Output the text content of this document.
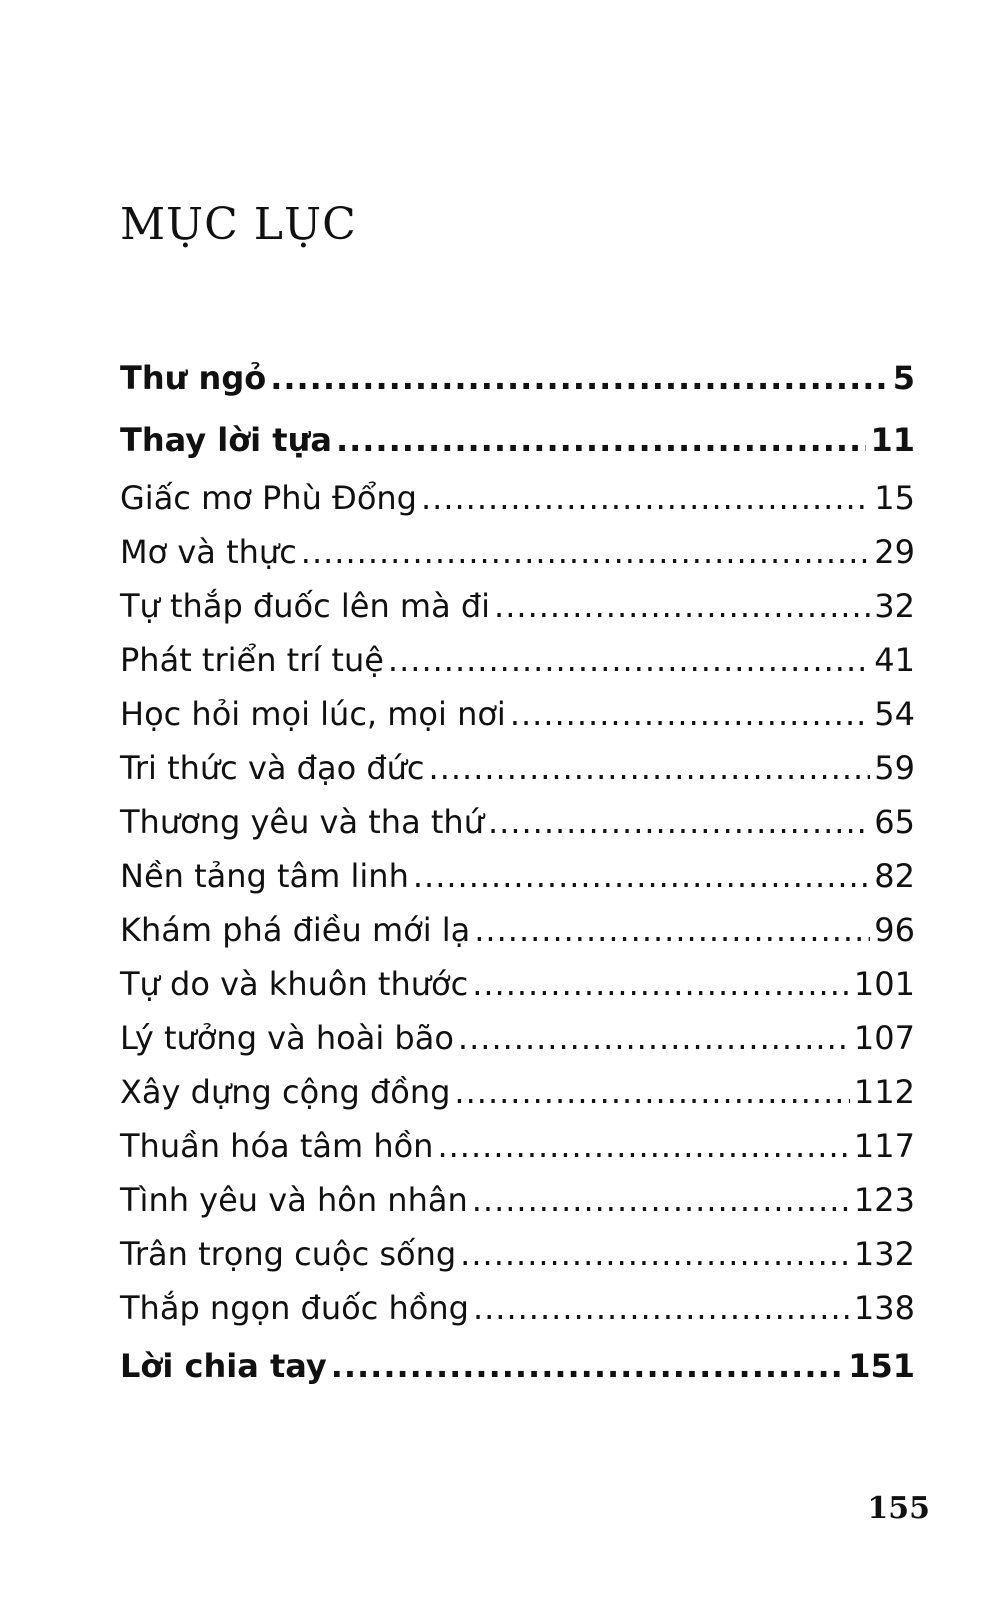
MỤC LỤC
Thư ngỏ .....	5
Thay lời tựa .....	11
Giấc mơ Phù Đổng .....	15
Mơ và thực .....	29
Tự thắp đuốc lên mà đi .....	32
Phát triển trí tuệ .....	41
Học hỏi mọi lúc, mọi nơi .....	54
Tri thức và đạo đức .....	59
Thương yêu và tha thứ .....	65
Nền tảng tâm linh .....	82
Khám phá điều mới lạ .....	96
Tự do và khuôn thước .....	101
Lý tưởng và hoài bão .....	107
Xây dựng cộng đồng .....	112
Thuần hóa tâm hồn .....	117
Tình yêu và hôn nhân .....	123
Trân trọng cuộc sống .....	132
Thắp ngọn đuốc hồng .....	138
Lời chia tay .....	151
155
